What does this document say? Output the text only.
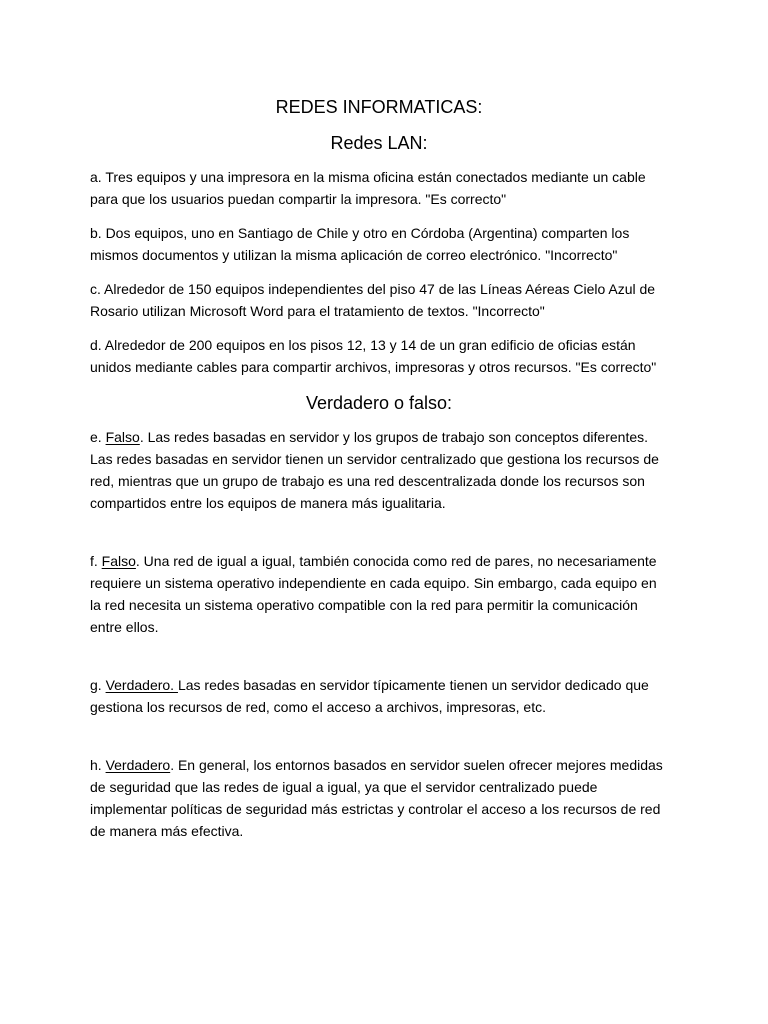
REDES INFORMATICAS:
Redes LAN:
a. Tres equipos y una impresora en la misma oficina están conectados mediante un cable para que los usuarios puedan compartir la impresora. "Es correcto"
b. Dos equipos, uno en Santiago de Chile y otro en Córdoba (Argentina) comparten los mismos documentos y utilizan la misma aplicación de correo electrónico. "Incorrecto"
c. Alrededor de 150 equipos independientes del piso 47 de las Líneas Aéreas Cielo Azul de Rosario utilizan Microsoft Word para el tratamiento de textos. "Incorrecto"
d. Alrededor de 200 equipos en los pisos 12, 13 y 14 de un gran edificio de oficias están unidos mediante cables para compartir archivos, impresoras y otros recursos. "Es correcto"
Verdadero o falso:
e. Falso. Las redes basadas en servidor y los grupos de trabajo son conceptos diferentes. Las redes basadas en servidor tienen un servidor centralizado que gestiona los recursos de red, mientras que un grupo de trabajo es una red descentralizada donde los recursos son compartidos entre los equipos de manera más igualitaria.
f. Falso. Una red de igual a igual, también conocida como red de pares, no necesariamente requiere un sistema operativo independiente en cada equipo. Sin embargo, cada equipo en la red necesita un sistema operativo compatible con la red para permitir la comunicación entre ellos.
g. Verdadero. Las redes basadas en servidor típicamente tienen un servidor dedicado que gestiona los recursos de red, como el acceso a archivos, impresoras, etc.
h. Verdadero. En general, los entornos basados en servidor suelen ofrecer mejores medidas de seguridad que las redes de igual a igual, ya que el servidor centralizado puede implementar políticas de seguridad más estrictas y controlar el acceso a los recursos de red de manera más efectiva.
